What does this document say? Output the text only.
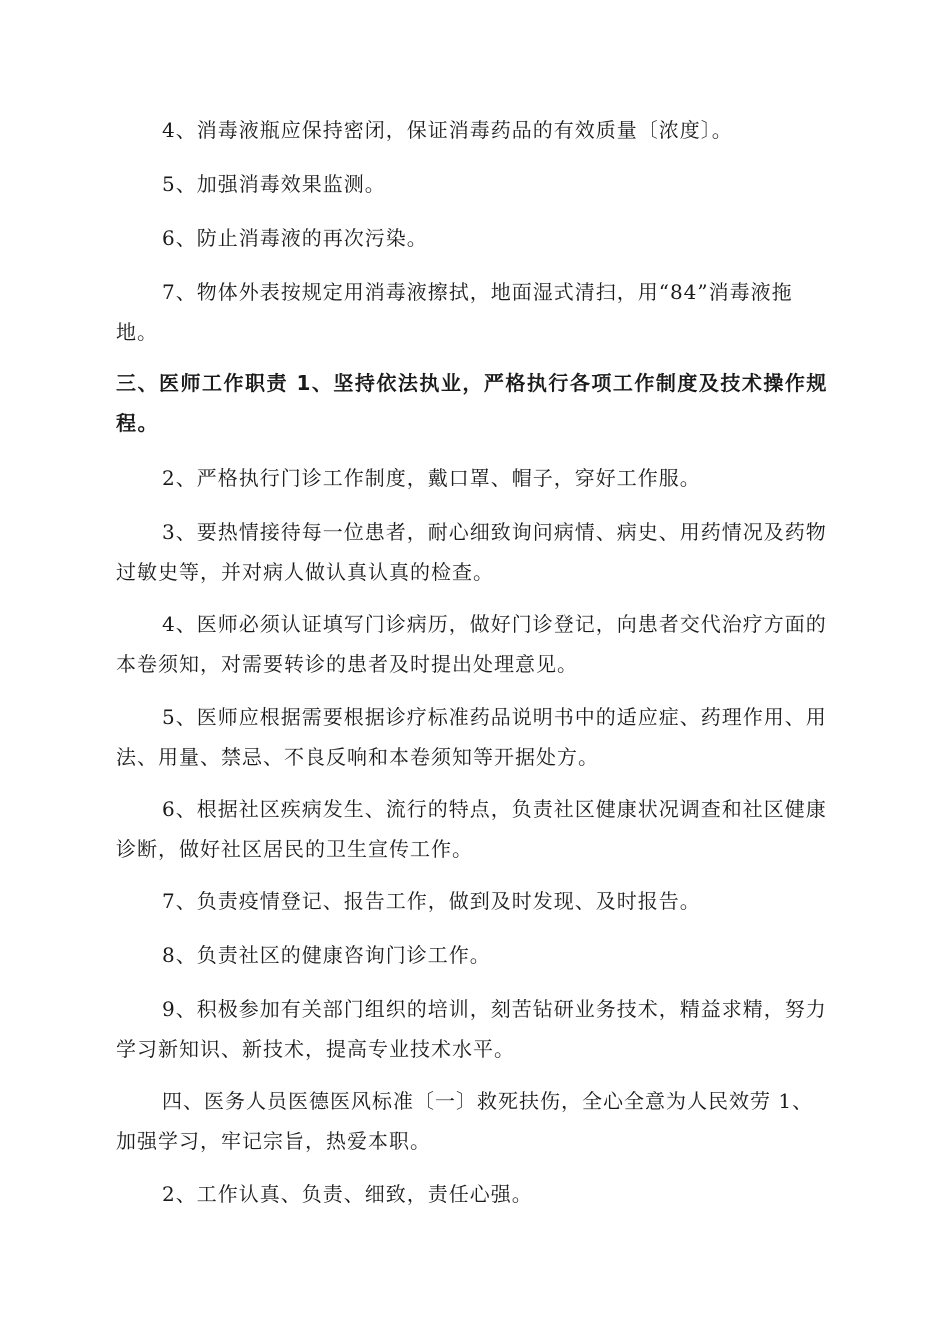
4、消毒液瓶应保持密闭，保证消毒药品的有效质量〔浓度〕。

5、加强消毒效果监测。

6、防止消毒液的再次污染。

7、物体外表按规定用消毒液擦拭，地面湿式清扫，用“84”消毒液拖地。

三、医师工作职责 1、坚持依法执业，严格执行各项工作制度及技术操作规程。

2、严格执行门诊工作制度，戴口罩、帽子，穿好工作服。

3、要热情接待每一位患者，耐心细致询问病情、病史、用药情况及药物过敏史等，并对病人做认真认真的检查。

4、医师必须认证填写门诊病历，做好门诊登记，向患者交代治疗方面的本卷须知，对需要转诊的患者及时提出处理意见。

5、医师应根据需要根据诊疗标准药品说明书中的适应症、药理作用、用法、用量、禁忌、不良反响和本卷须知等开据处方。

6、根据社区疾病发生、流行的特点，负责社区健康状况调查和社区健康诊断，做好社区居民的卫生宣传工作。

7、负责疫情登记、报告工作，做到及时发现、及时报告。

8、负责社区的健康咨询门诊工作。

9、积极参加有关部门组织的培训，刻苦钻研业务技术，精益求精，努力学习新知识、新技术，提高专业技术水平。

四、医务人员医德医风标准〔一〕救死扶伤，全心全意为人民效劳 1、加强学习，牢记宗旨，热爱本职。

2、工作认真、负责、细致，责任心强。
